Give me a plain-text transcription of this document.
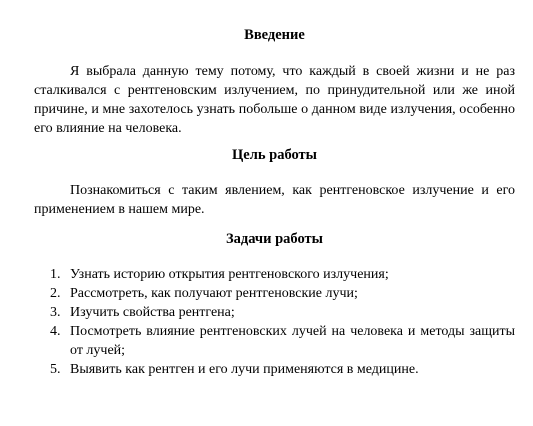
Введение
Я выбрала данную тему потому, что каждый в своей жизни и не раз сталкивался с рентгеновским излучением, по принудительной или же иной причине, и мне захотелось узнать побольше о данном виде излучения, особенно его влияние на человека.
Цель работы
Познакомиться с таким явлением, как рентгеновское излучение и его применением в нашем мире.
Задачи работы
1. Узнать историю открытия рентгеновского излучения;
2. Рассмотреть, как получают рентгеновские лучи;
3. Изучить свойства рентгена;
4. Посмотреть влияние рентгеновских лучей на человека и методы защиты от лучей;
5. Выявить как рентген и его лучи применяются в медицине.
